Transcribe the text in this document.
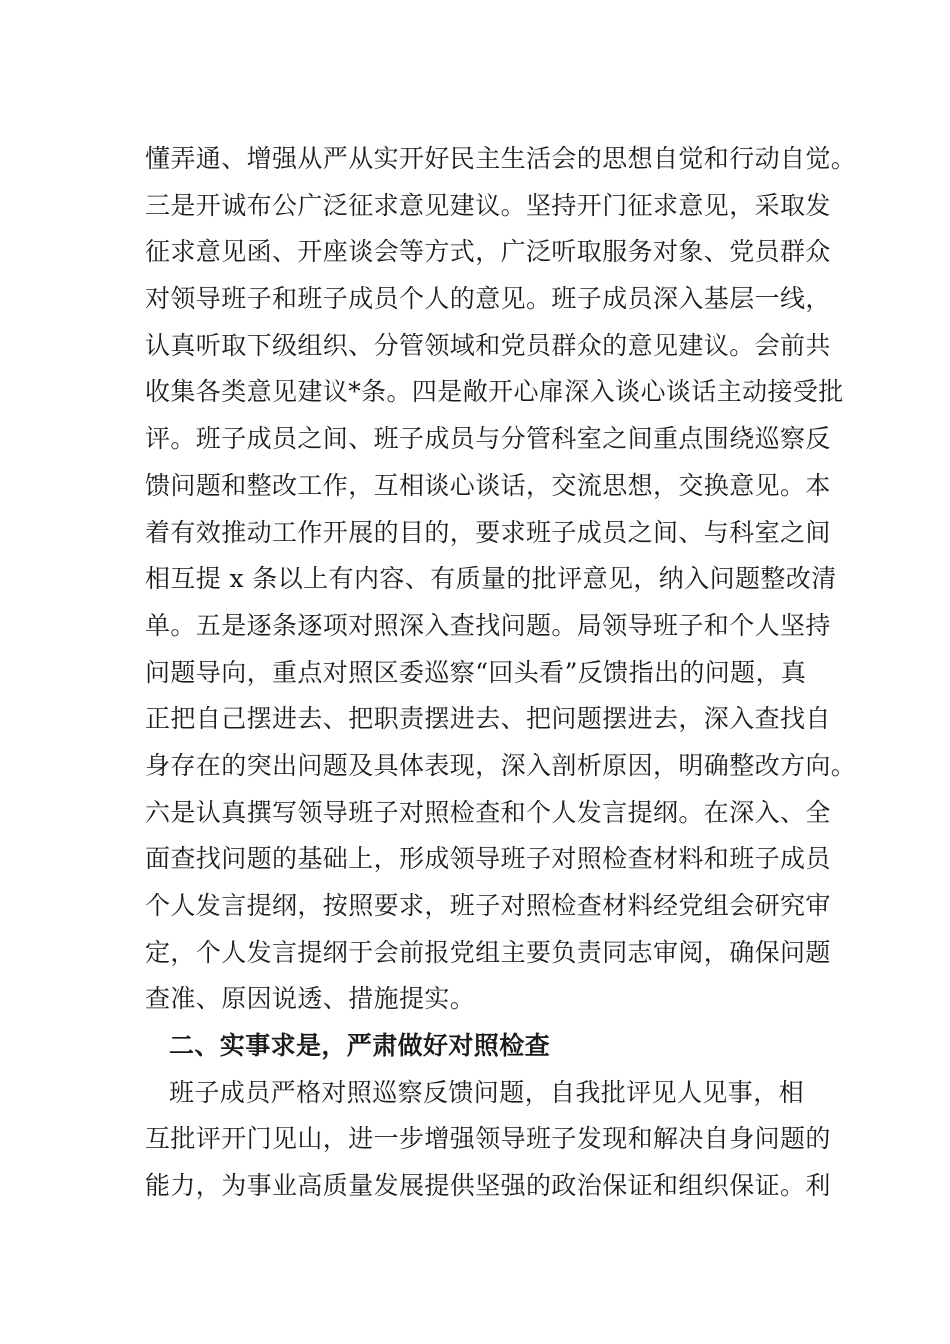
懂弄通、增强从严从实开好民主生活会的思想自觉和行动自觉。
三是开诚布公广泛征求意见建议。坚持开门征求意见，采取发
征求意见函、开座谈会等方式，广泛听取服务对象、党员群众
对领导班子和班子成员个人的意见。班子成员深入基层一线，
认真听取下级组织、分管领域和党员群众的意见建议。会前共
收集各类意见建议*条。四是敞开心扉深入谈心谈话主动接受批
评。班子成员之间、班子成员与分管科室之间重点围绕巡察反
馈问题和整改工作，互相谈心谈话，交流思想，交换意见。本
着有效推动工作开展的目的，要求班子成员之间、与科室之间
相互提 x 条以上有内容、有质量的批评意见，纳入问题整改清
单。五是逐条逐项对照深入查找问题。局领导班子和个人坚持
问题导向，重点对照区委巡察“回头看”反馈指出的问题，真
正把自己摆进去、把职责摆进去、把问题摆进去，深入查找自
身存在的突出问题及具体表现，深入剖析原因，明确整改方向。
六是认真撰写领导班子对照检查和个人发言提纲。在深入、全
面查找问题的基础上，形成领导班子对照检查材料和班子成员
个人发言提纲，按照要求，班子对照检查材料经党组会研究审
定，个人发言提纲于会前报党组主要负责同志审阅，确保问题
查准、原因说透、措施提实。
二、实事求是，严肃做好对照检查
班子成员严格对照巡察反馈问题，自我批评见人见事，相
互批评开门见山，进一步增强领导班子发现和解决自身问题的
能力，为事业高质量发展提供坚强的政治保证和组织保证。利
